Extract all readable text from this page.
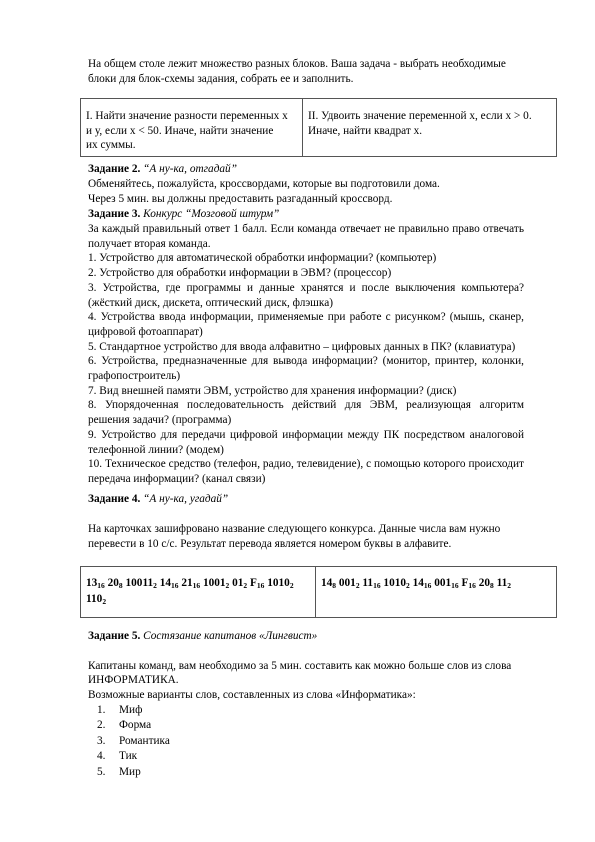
На общем столе лежит множество разных блоков. Ваша задача - выбрать необходимые
блоки для блок-схемы задания, собрать ее и заполнить.
I. Найти значение разности переменных х
и у, если х < 50. Иначе, найти значение
их суммы.
II. Удвоить значение переменной х, если х > 0.
Иначе, найти квадрат х.
Задание 2. “А ну-ка, отгадай”
Обменяйтесь, пожалуйста, кроссвордами, которые вы подготовили дома.
Через 5 мин. вы должны предоставить разгаданный кроссворд.
Задание 3. Конкурс “Мозговой штурм”
За каждый правильный ответ 1 балл. Если команда отвечает не правильно право отвечать
получает вторая команда.
1. Устройство для автоматической обработки информации? (компьютер)
2. Устройство для обработки информации в ЭВМ? (процессор)
3. Устройства, где программы и данные хранятся и после выключения компьютера?
(жёсткий диск, дискета, оптический диск, флэшка)
4. Устройства ввода информации, применяемые при работе с рисунком? (мышь, сканер,
цифровой фотоаппарат)
5. Стандартное устройство для ввода алфавитно – цифровых данных в ПК? (клавиатура)
6. Устройства, предназначенные для вывода информации? (монитор, принтер, колонки,
графопостроитель)
7. Вид внешней памяти ЭВМ, устройство для хранения информации? (диск)
8. Упорядоченная последовательность действий для ЭВМ, реализующая алгоритм
решения задачи? (программа)
9. Устройство для передачи цифровой информации между ПК посредством аналоговой
телефонной линии? (модем)
10. Техническое средство (телефон, радио, телевидение), с помощью которого происходит
передача информации? (канал связи)
Задание 4. “А ну-ка, угадай”
На карточках зашифровано название следующего конкурса. Данные числа вам нужно
перевести в 10 с/с. Результат перевода является номером буквы в алфавите.
$13_{16}$ $20_8$ $10011_2$ $14_{16}$ $21_{16}$ $1001_2$ $01_2$ $F_{16}$ $1010_2$
$110_2$
$14_8$ $001_2$ $11_{16}$ $1010_2$ $14_{16}$ $001_{16}$ $F_{16}$ $20_8$ $11_2$
Задание 5. Состязание капитанов «Лингвист»
Капитаны команд, вам необходимо за 5 мин. составить как можно больше слов из слова
ИНФОРМАТИКА.
Возможные варианты слов, составленных из слова «Информатика»:
1. Миф
2. Форма
3. Романтика
4. Тик
5. Мир
